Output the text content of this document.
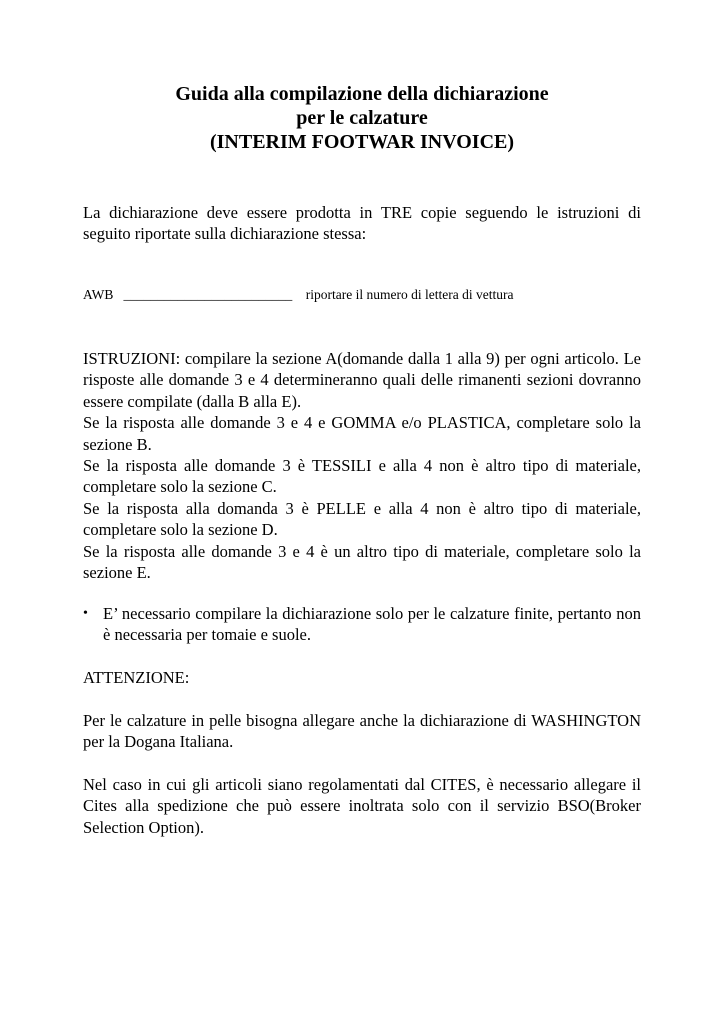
Guida alla compilazione della dichiarazione
per le calzature
(INTERIM FOOTWAR INVOICE)

La dichiarazione deve essere prodotta in TRE copie seguendo le istruzioni di seguito riportate sulla dichiarazione stessa:

AWB _________________________ riportare il numero di lettera di vettura

ISTRUZIONI: compilare la sezione A(domande dalla 1 alla 9) per ogni articolo. Le risposte alle domande 3 e 4 determineranno quali delle rimanenti sezioni dovranno essere compilate (dalla B alla E).

Se la risposta alle domande 3 e 4 e GOMMA e/o PLASTICA, completare solo la sezione B.

Se la risposta alle domande 3 è TESSILI e alla 4 non è altro tipo di materiale, completare solo la sezione C.

Se la risposta alla domanda 3 è PELLE e alla 4 non è altro tipo di materiale, completare solo la sezione D.

Se la risposta alle domande 3 e 4 è un altro tipo di materiale, completare solo la sezione E.

• E’ necessario compilare la dichiarazione solo per le calzature finite, pertanto non è necessaria per tomaie e suole.

ATTENZIONE:

Per le calzature in pelle bisogna allegare anche la dichiarazione di WASHINGTON per la Dogana Italiana.

Nel caso in cui gli articoli siano regolamentati dal CITES, è necessario allegare il Cites alla spedizione che può essere inoltrata solo con il servizio BSO(Broker Selection Option).
